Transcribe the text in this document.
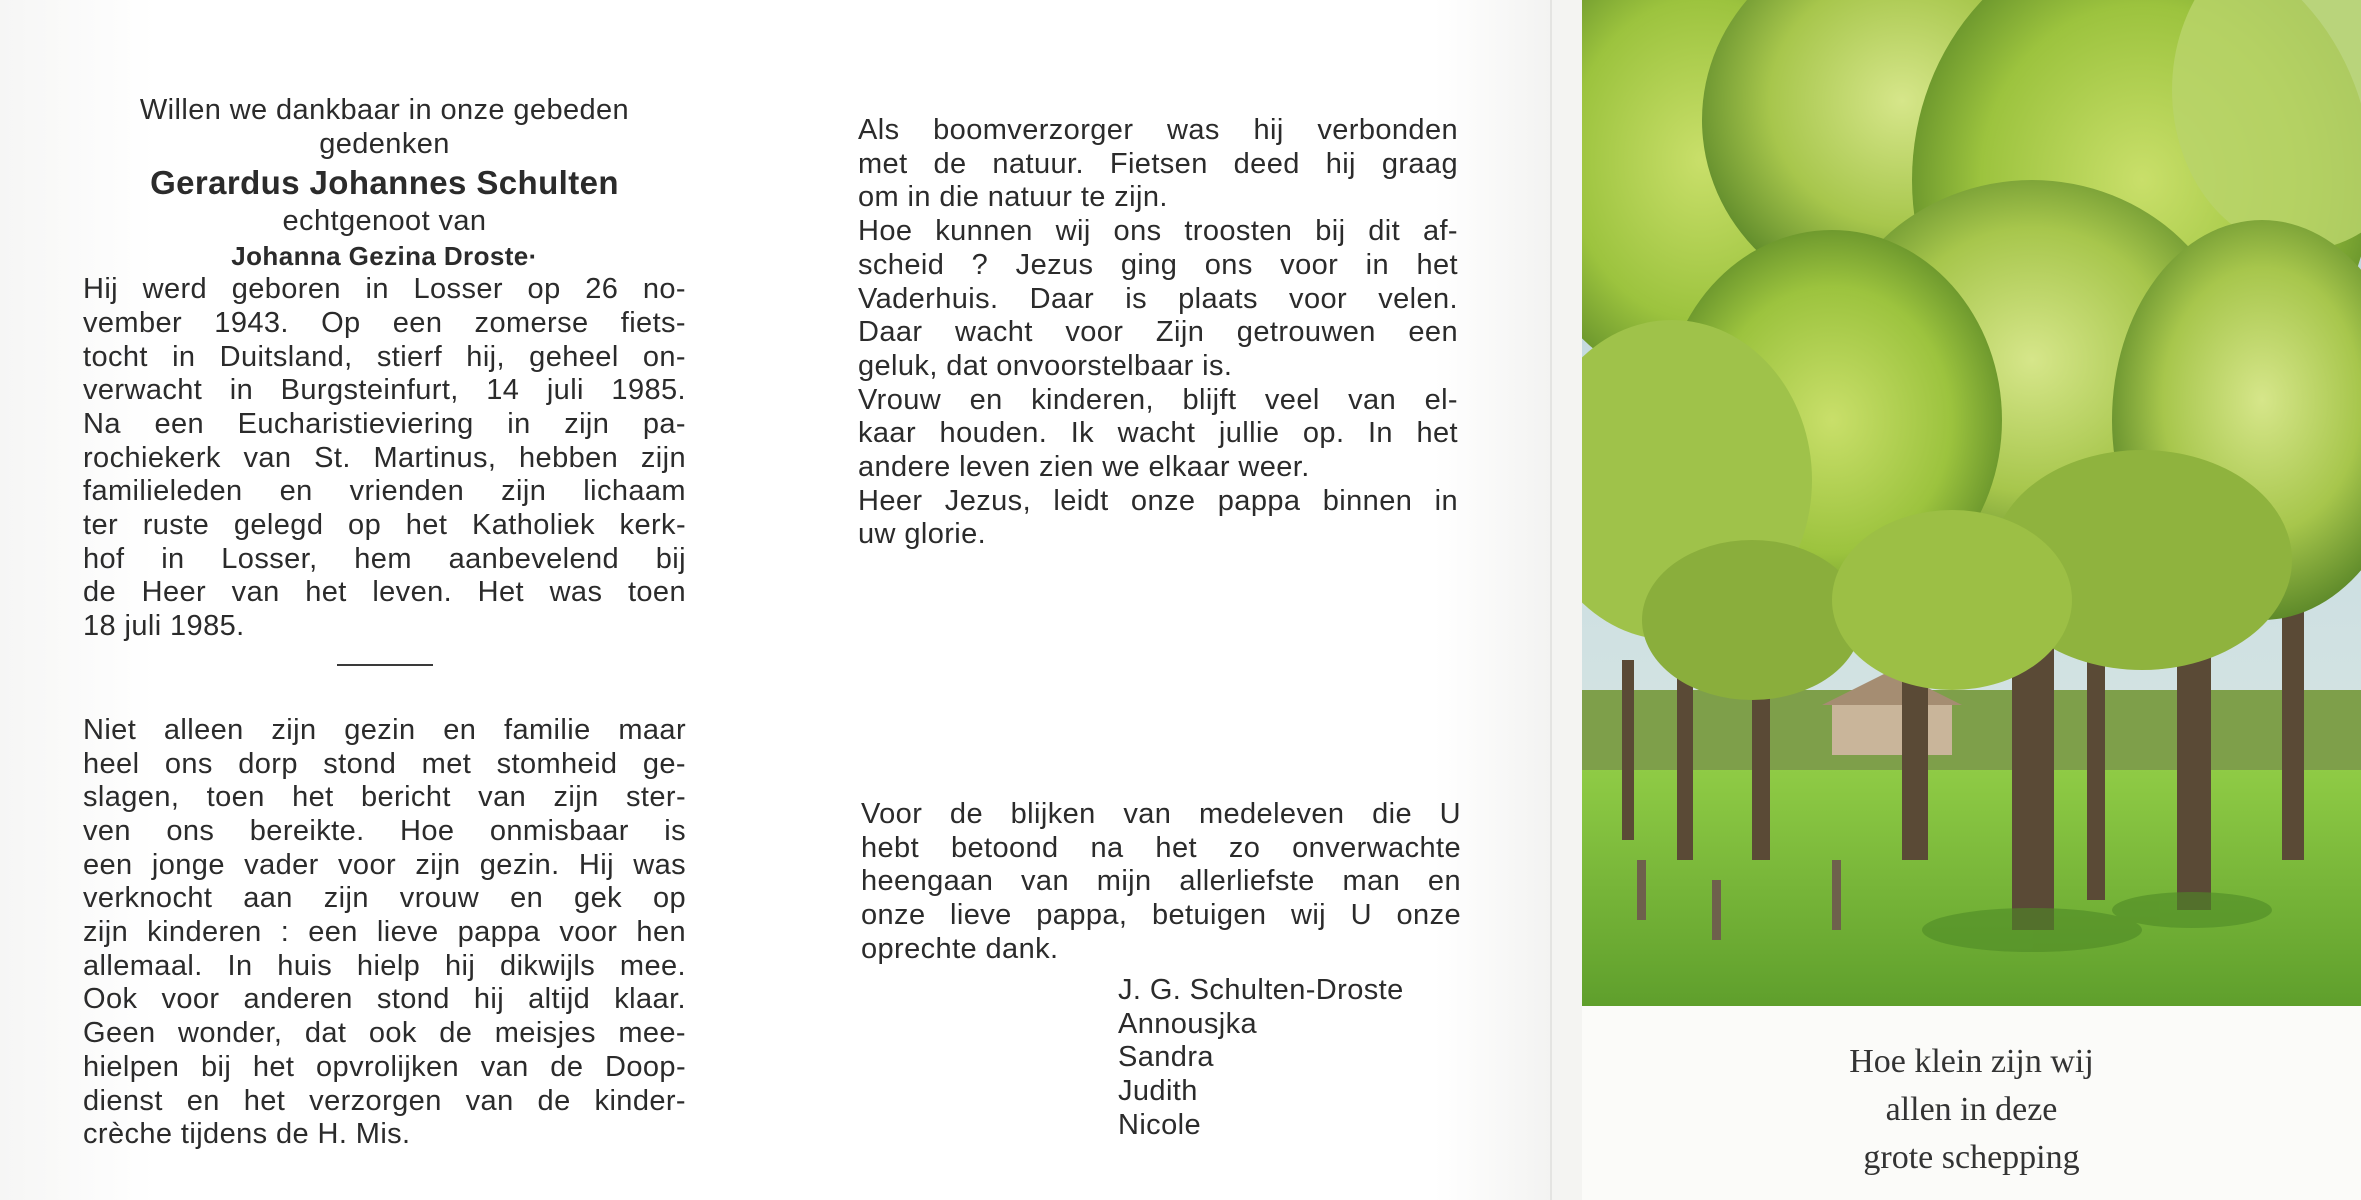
Willen we dankbaar in onze gebeden

gedenken

Gerardus Johannes Schulten

echtgenoot van

Johanna Gezina Droste·

Hij werd geboren in Losser op 26 no-

vember 1943. Op een zomerse fiets-

tocht in Duitsland, stierf hij, geheel on-

verwacht in Burgsteinfurt, 14 juli 1985.

Na een Eucharistieviering in zijn pa-

rochiekerk van St. Martinus, hebben zijn

familieleden en vrienden zijn lichaam

ter ruste gelegd op het Katholiek kerk-

hof in Losser, hem aanbevelend bij

de Heer van het leven. Het was toen

18 juli 1985.

Niet alleen zijn gezin en familie maar

heel ons dorp stond met stomheid ge-

slagen, toen het bericht van zijn ster-

ven ons bereikte. Hoe onmisbaar is

een jonge vader voor zijn gezin. Hij was

verknocht aan zijn vrouw en gek op

zijn kinderen : een lieve pappa voor hen

allemaal. In huis hielp hij dikwijls mee.

Ook voor anderen stond hij altijd klaar.

Geen wonder, dat ook de meisjes mee-

hielpen bij het opvrolijken van de Doop-

dienst en het verzorgen van de kinder-

crèche tijdens de H. Mis.

Als boomverzorger was hij verbonden

met de natuur. Fietsen deed hij graag

om in die natuur te zijn.

Hoe kunnen wij ons troosten bij dit af-

scheid ? Jezus ging ons voor in het

Vaderhuis. Daar is plaats voor velen.

Daar wacht voor Zijn getrouwen een

geluk, dat onvoorstelbaar is.

Vrouw en kinderen, blijft veel van el-

kaar houden. Ik wacht jullie op. In het

andere leven zien we elkaar weer.

Heer Jezus, leidt onze pappa binnen in

uw glorie.

Voor de blijken van medeleven die U

hebt betoond na het zo onverwachte

heengaan van mijn allerliefste man en

onze lieve pappa, betuigen wij U onze

oprechte dank.

J. G. Schulten-Droste

Annousjka

Sandra

Judith

Nicole

Hoe klein zijn wij
allen in deze
grote schepping
